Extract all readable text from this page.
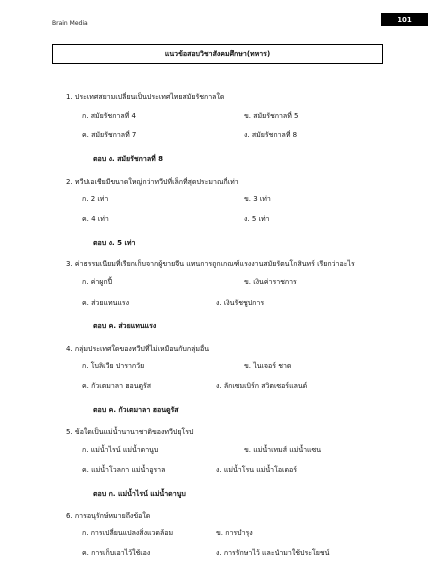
Brain Media	101
แนวข้อสอบวิชาสังคมศึกษา(ทหาร)
1. ประเทศสยามเปลี่ยนเป็นประเทศไทยสมัยรัชกาลใด
ก. สมัยรัชกาลที่ 4	ข. สมัยรัชกาลที่ 5
ค. สมัยรัชกาลที่ 7	ง. สมัยรัชกาลที่ 8
ตอบ ง. สมัยรัชกาลที่ 8
2. ทวีปเอเชียมีขนาดใหญ่กว่าทวีปที่เล็กที่สุดประมาณกี่เท่า
ก. 2 เท่า	ข. 3 เท่า
ค. 4 เท่า	ง. 5 เท่า
ตอบ ง. 5 เท่า
3. ค่าธรรมเนียมที่เรียกเก็บจากผู้ขายจีน แทนการถูกเกณฑ์แรงงานสมัยรัตนโกสินทร์ เรียกว่าอะไร
ก. ค่าผูกปี้	ข. เงินค่าราชการ
ค. ส่วยแทนแรง	ง. เงินรัชชูปการ
ตอบ ค. ส่วยแทนแรง
4. กลุ่มประเทศใดของทวีปที่ไม่เหมือนกับกลุ่มอื่น
ก. โบลิเวีย ปารากวัย	ข. ไนเจอร์ ชาด
ค. กัวเตมาลา ฮอนดูรัส	ง. ลักเซมเบิร์ก สวิตเซอร์แลนด์
ตอบ ค. กัวเตมาลา ฮอนดูรัส
5. ข้อใดเป็นแม่น้ำนานาชาติของทวีปยุโรป
ก. แม่น้ำไรน์ แม่น้ำดานูบ	ข. แม่น้ำเทมส์ แม่น้ำแซน
ค. แม่น้ำโวลกา แม่น้ำอูราล	ง. แม่น้ำโรน แม่น้ำโอเดอร์
ตอบ ก. แม่น้ำไรน์ แม่น้ำดานูบ
6. การอนุรักษ์หมายถึงข้อใด
ก. การเปลี่ยนแปลงสิ่งแวดล้อม	ข. การบำรุง
ค. การเก็บเอาไว้ใช้เอง	ง. การรักษาไว้ และนำมาใช้ประโยชน์
